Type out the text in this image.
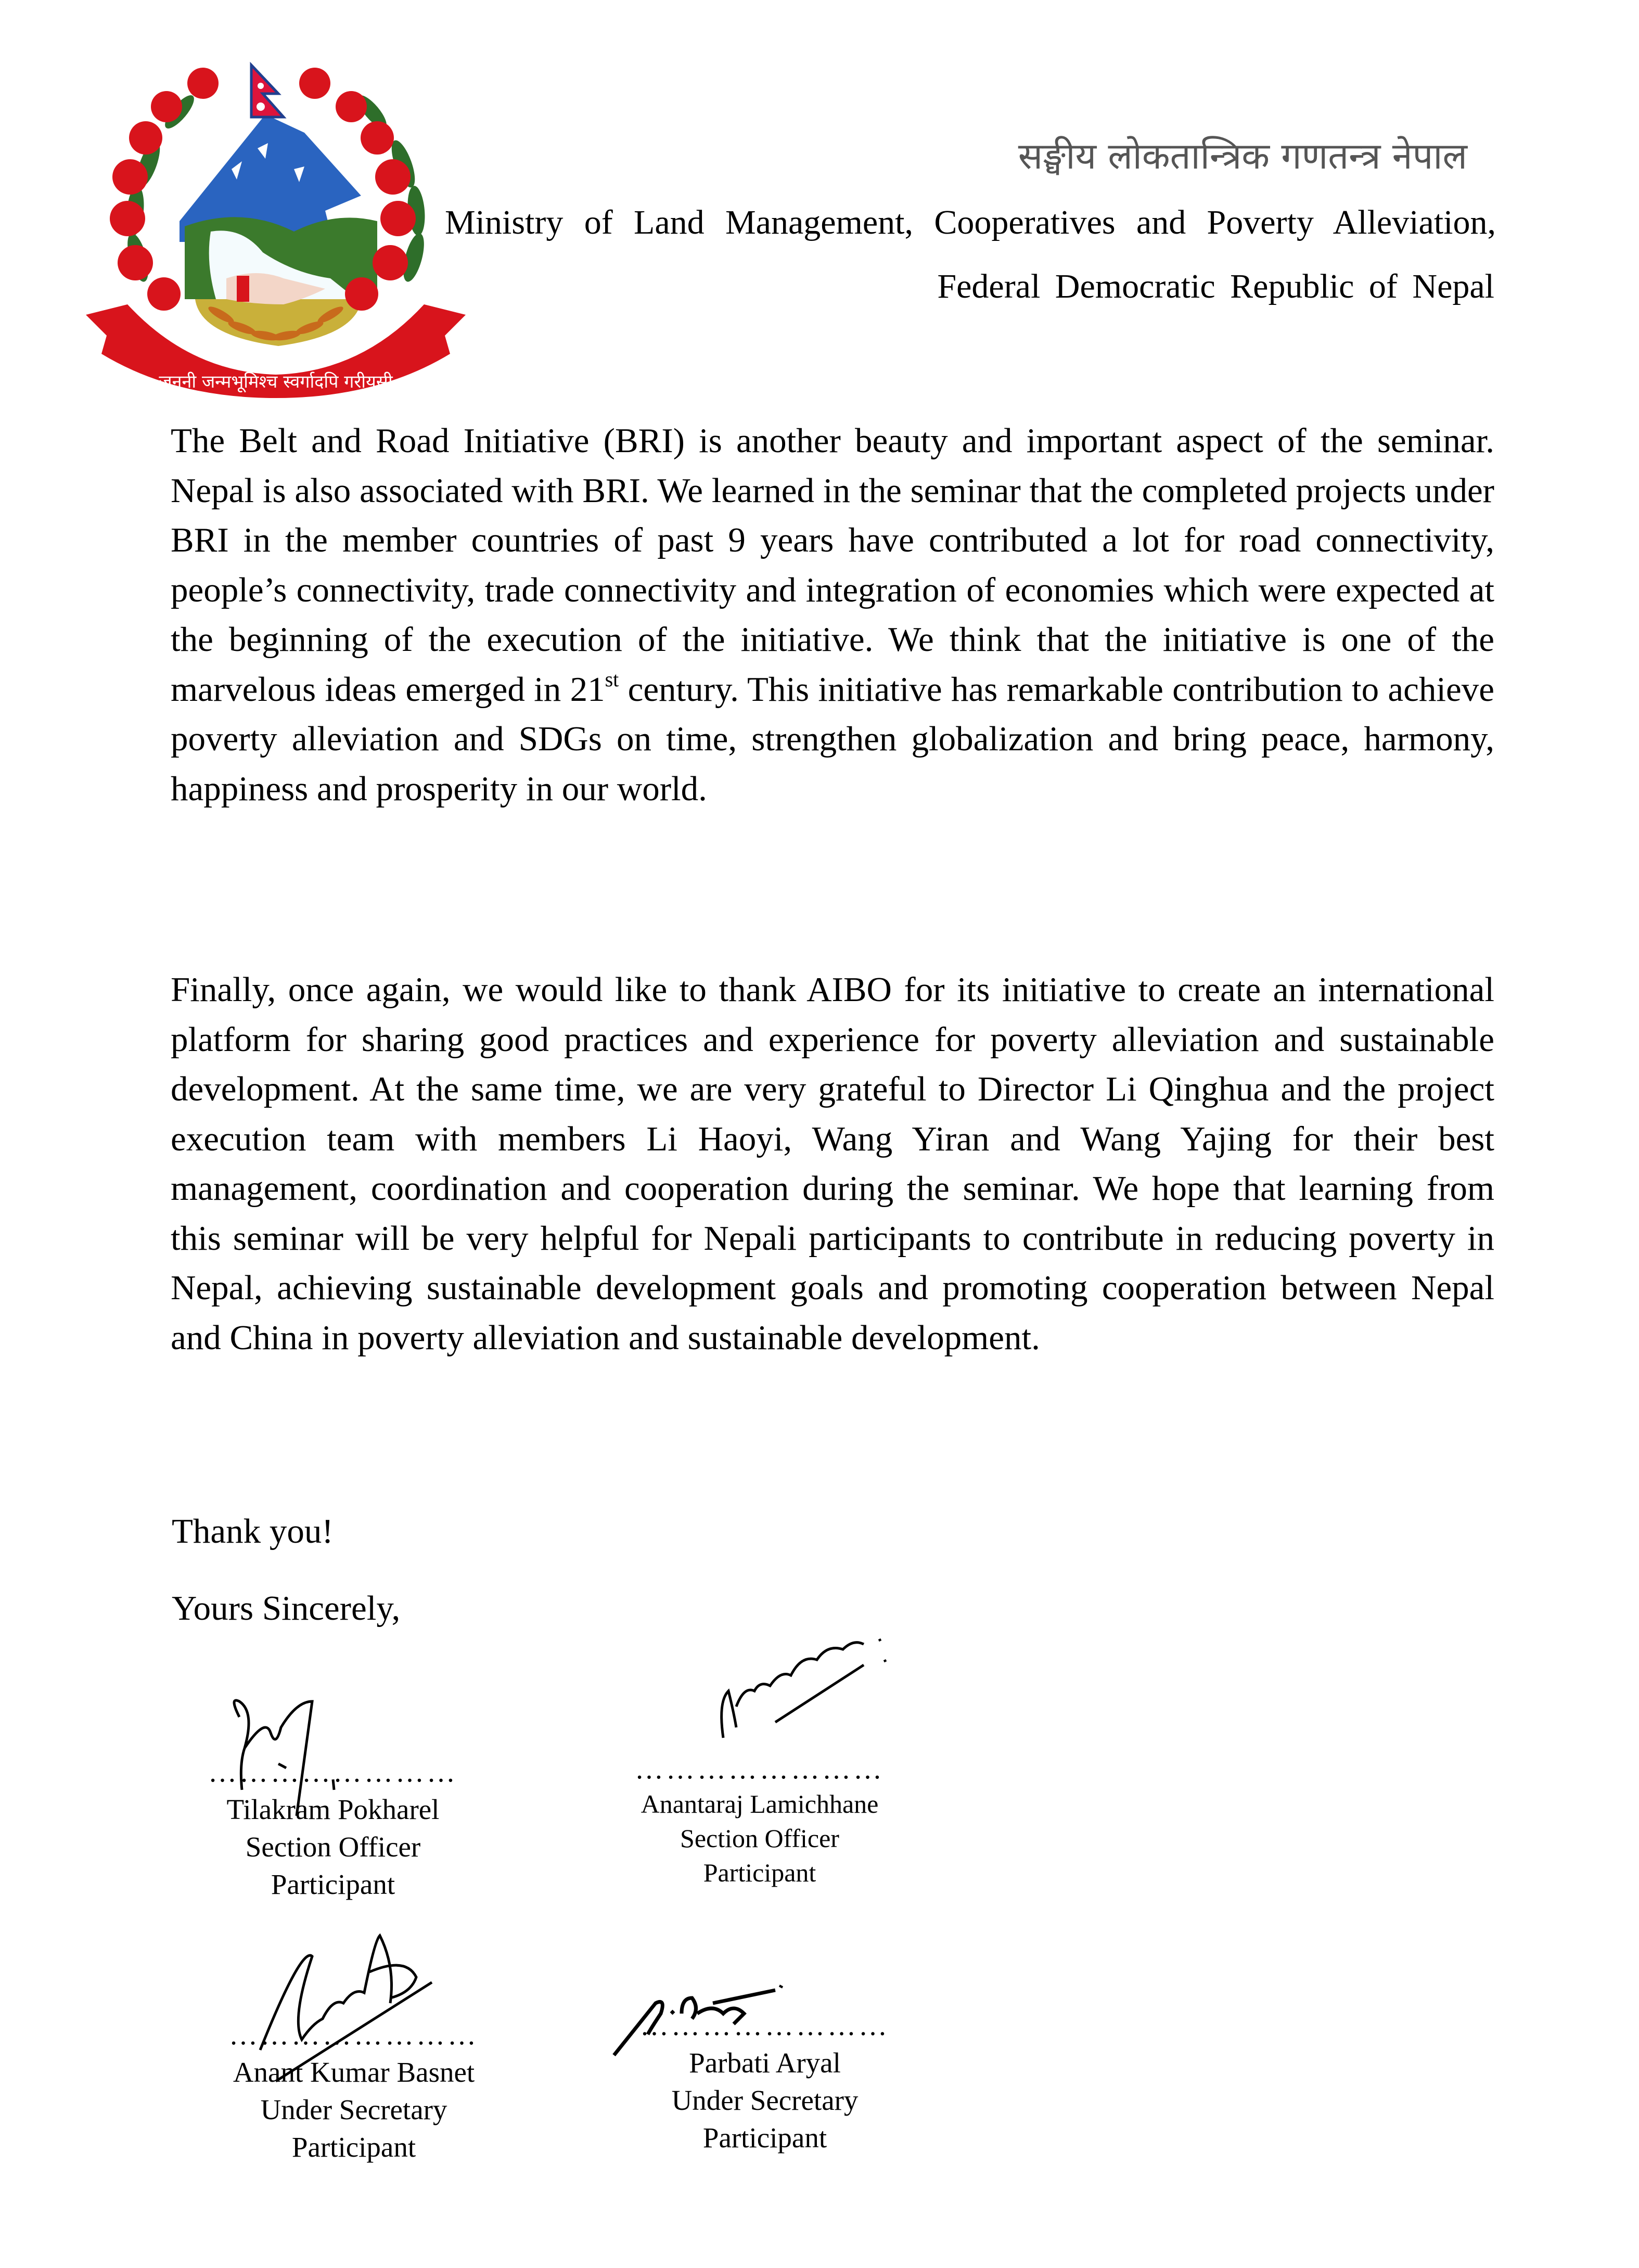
जननी जन्मभूमिश्च स्वर्गादपि गरीयसी
सङ्घीय लोकतान्त्रिक गणतन्त्र नेपाल
Ministry of Land Management, Cooperatives and Poverty Alleviation,
Federal Democratic Republic of Nepal
The Belt and Road Initiative (BRI) is another beauty and important aspect of the seminar. Nepal is also associated with BRI. We learned in the seminar that the completed projects under BRI in the member countries of past 9 years have contributed a lot for road connectivity, people’s connectivity, trade connectivity and integration of economies which were expected at the beginning of the execution of the initiative. We think that the initiative is one of the marvelous ideas emerged in 21st century. This initiative has remarkable contribution to achieve poverty alleviation and SDGs on time, strengthen globalization and bring peace, harmony, happiness and prosperity in our world.
Finally, once again, we would like to thank AIBO for its initiative to create an international platform for sharing good practices and experience for poverty alleviation and sustainable development. At the same time, we are very grateful to Director Li Qinghua and the project execution team with members Li Haoyi, Wang Yiran and Wang Yajing for their best management, coordination and cooperation during the seminar. We hope that learning from this seminar will be very helpful for Nepali participants to contribute in reducing poverty in Nepal, achieving sustainable development goals and promoting cooperation between Nepal and China in poverty alleviation and sustainable development.
Thank you!
Yours Sincerely,
……………………
Tilakram Pokharel
Section Officer
Participant
……………………
Anantaraj Lamichhane
Section Officer
Participant
……………………
Anant Kumar Basnet
Under Secretary
Participant
……………………
Parbati Aryal
Under Secretary
Participant
